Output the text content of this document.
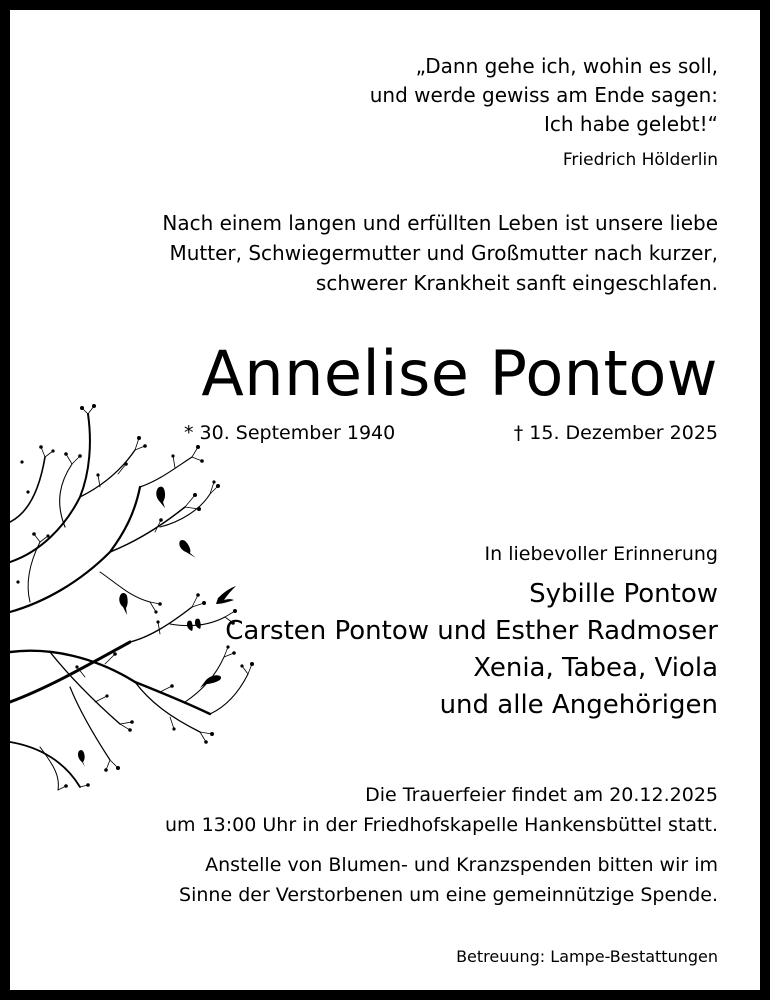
„Dann gehe ich, wohin es soll,
und werde gewiss am Ende sagen:
Ich habe gelebt!“
Friedrich Hölderlin
Nach einem langen und erfüllten Leben ist unsere liebe
Mutter, Schwiegermutter und Großmutter nach kurzer,
schwerer Krankheit sanft eingeschlafen.
Annelise Pontow
* 30. September 1940	† 15. Dezember 2025
In liebevoller Erinnerung
Sybille Pontow
Carsten Pontow und Esther Radmoser
Xenia, Tabea, Viola
und alle Angehörigen
Die Trauerfeier findet am 20.12.2025
um 13:00 Uhr in der Friedhofskapelle Hankensbüttel statt.
Anstelle von Blumen- und Kranzspenden bitten wir im
Sinne der Verstorbenen um eine gemeinnützige Spende.
Betreuung: Lampe-Bestattungen
